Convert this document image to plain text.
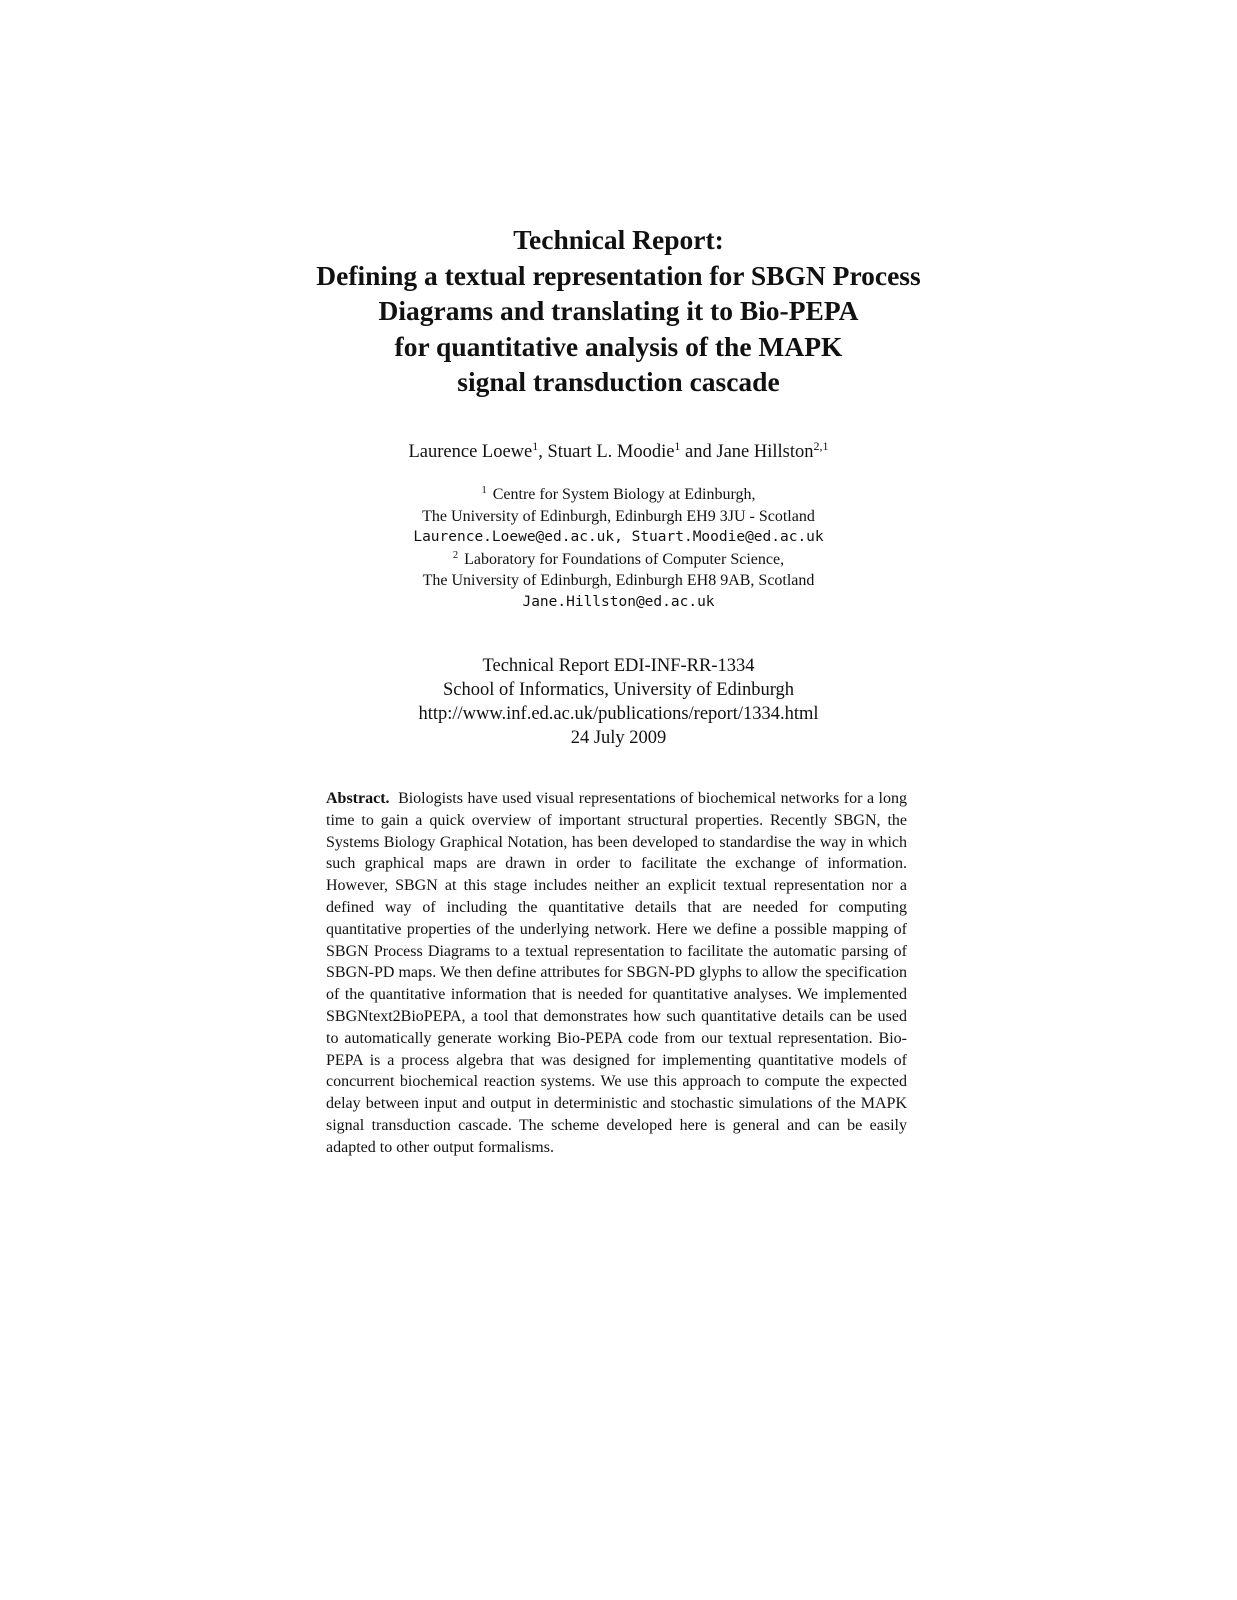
Technical Report:
Defining a textual representation for SBGN Process
Diagrams and translating it to Bio-PEPA
for quantitative analysis of the MAPK
signal transduction cascade
Laurence Loewe$^1$, Stuart L. Moodie$^1$ and Jane Hillston$^{2,1}$
$^1$ Centre for System Biology at Edinburgh,
The University of Edinburgh, Edinburgh EH9 3JU - Scotland
Laurence.Loewe@ed.ac.uk, Stuart.Moodie@ed.ac.uk
$^2$ Laboratory for Foundations of Computer Science,
The University of Edinburgh, Edinburgh EH8 9AB, Scotland
Jane.Hillston@ed.ac.uk
Technical Report EDI-INF-RR-1334
School of Informatics, University of Edinburgh
http://www.inf.ed.ac.uk/publications/report/1334.html
24 July 2009
Abstract. Biologists have used visual representations of biochemical networks for a long time to gain a quick overview of important structural properties. Recently SBGN, the Systems Biology Graphical Notation, has been developed to standardise the way in which such graphical maps are drawn in order to facilitate the exchange of information. However, SBGN at this stage includes neither an explicit textual representation nor a defined way of including the quantitative details that are needed for computing quantitative properties of the underlying network. Here we define a possible mapping of SBGN Process Diagrams to a textual representation to facilitate the automatic parsing of SBGN-PD maps. We then define attributes for SBGN-PD glyphs to allow the specification of the quantitative information that is needed for quantitative analyses. We implemented SBGNtext2BioPEPA, a tool that demonstrates how such quantitative details can be used to automatically generate working Bio-PEPA code from our textual representation. Bio-PEPA is a process algebra that was designed for implementing quantitative models of concurrent biochemical reaction systems. We use this approach to compute the expected delay between input and output in deterministic and stochastic simulations of the MAPK signal transduction cascade. The scheme developed here is general and can be easily adapted to other output formalisms.
